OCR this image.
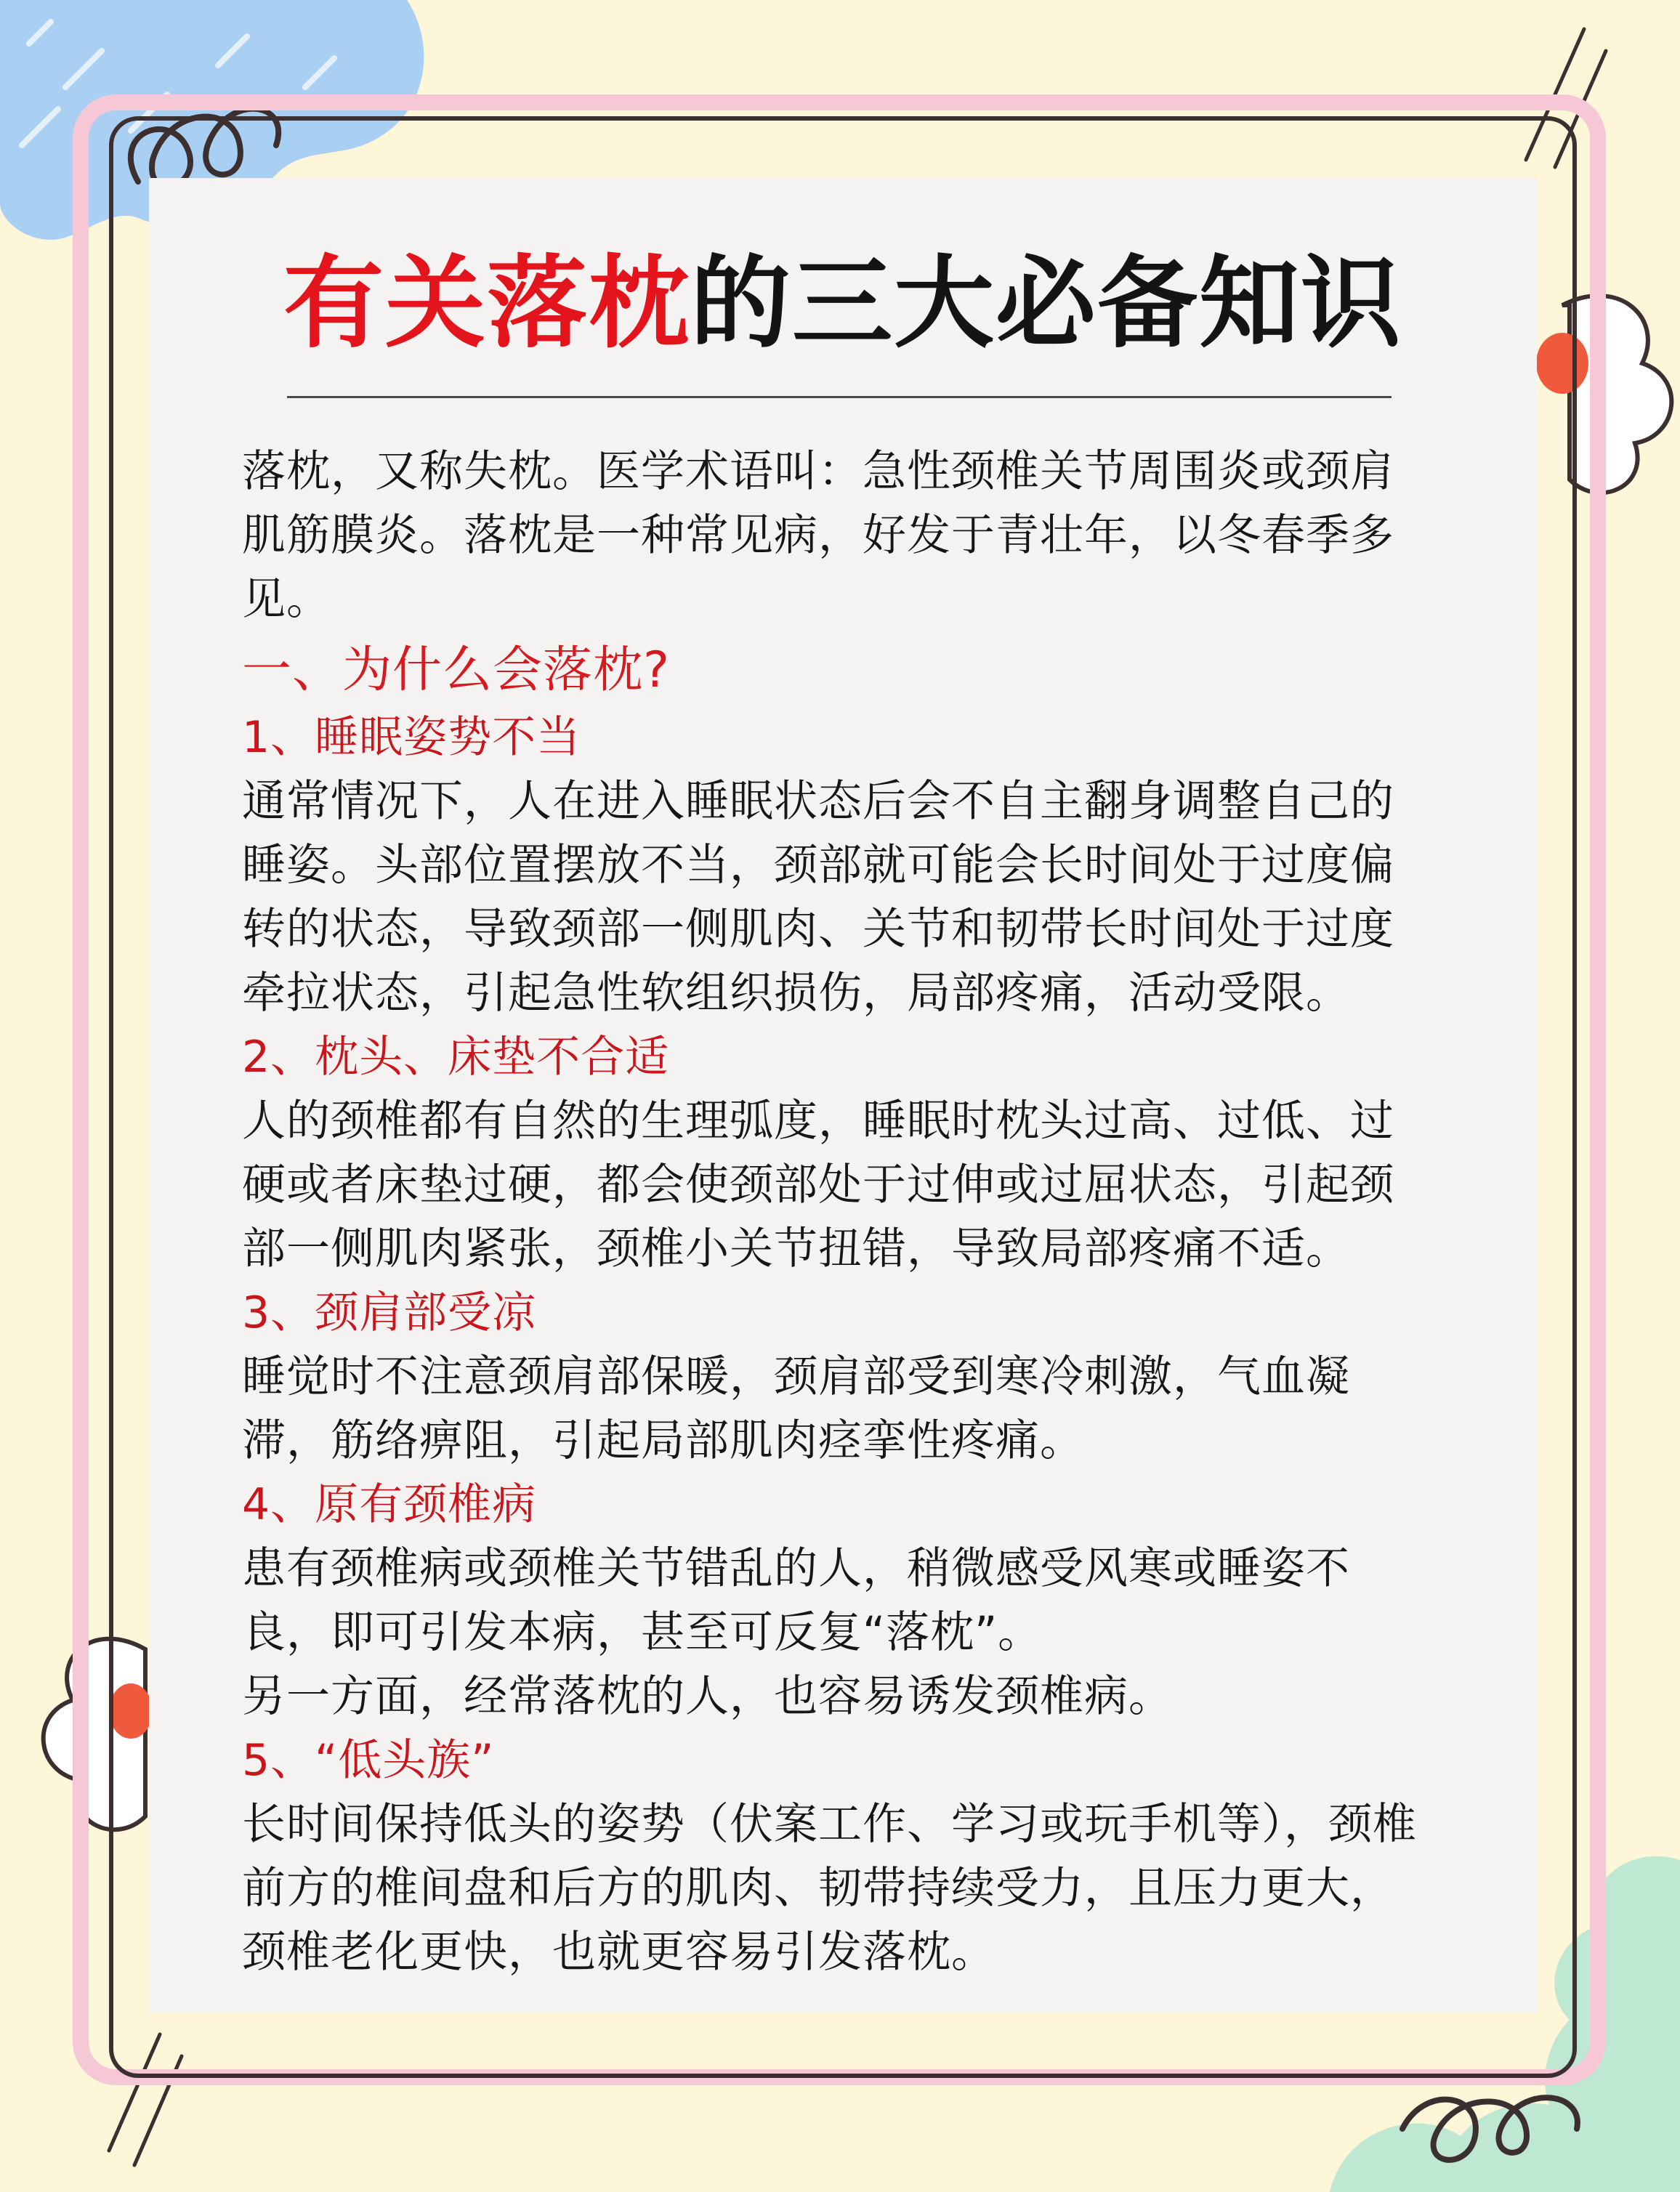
有关落枕的三大必备知识

落枕，又称失枕。医学术语叫：急性颈椎关节周围炎或颈肩肌筋膜炎。落枕是一种常见病，好发于青壮年，以冬春季多见。

一、为什么会落枕?

1、睡眠姿势不当

通常情况下，人在进入睡眠状态后会不自主翻身调整自己的睡姿。头部位置摆放不当，颈部就可能会长时间处于过度偏转的状态，导致颈部一侧肌肉、关节和韧带长时间处于过度牵拉状态，引起急性软组织损伤，局部疼痛，活动受限。

2、枕头、床垫不合适

人的颈椎都有自然的生理弧度，睡眠时枕头过高、过低、过硬或者床垫过硬，都会使颈部处于过伸或过屈状态，引起颈部一侧肌肉紧张，颈椎小关节扭错，导致局部疼痛不适。

3、颈肩部受凉

睡觉时不注意颈肩部保暖，颈肩部受到寒冷刺激，气血凝滞，筋络痹阻，引起局部肌肉痉挛性疼痛。

4、原有颈椎病

患有颈椎病或颈椎关节错乱的人，稍微感受风寒或睡姿不良，即可引发本病，甚至可反复“落枕”。

另一方面，经常落枕的人，也容易诱发颈椎病。

5、“低头族”

长时间保持低头的姿势（伏案工作、学习或玩手机等），颈椎前方的椎间盘和后方的肌肉、韧带持续受力，且压力更大，颈椎老化更快，也就更容易引发落枕。
